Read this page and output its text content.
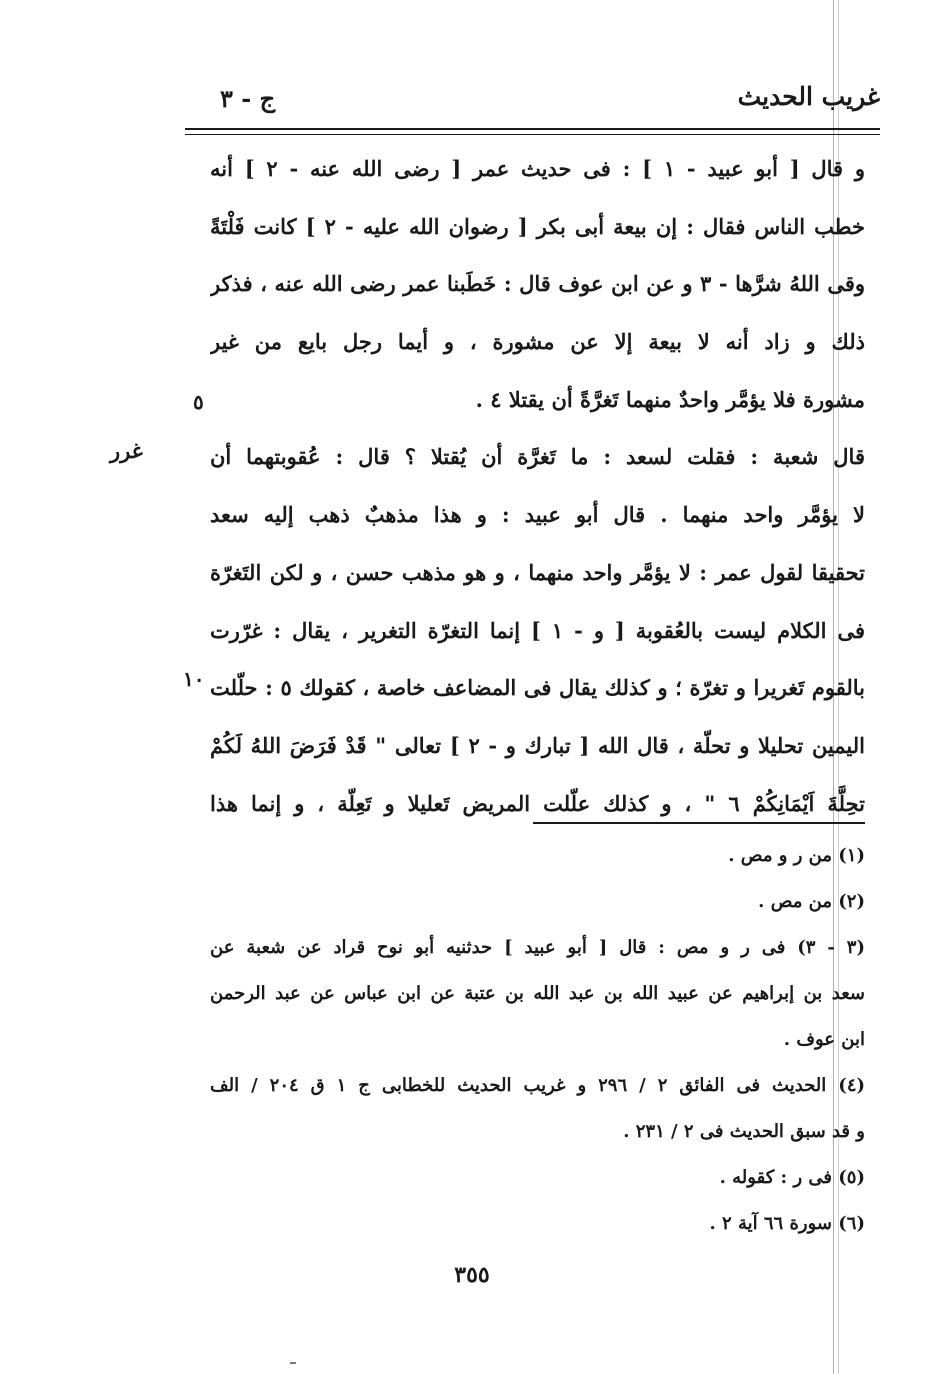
غريب الحديث
ج - ٣
و قال [ أبو عبيد - ١ ] : فى حديث عمر [ رضى الله عنه - ٢ ] أنه
خطب الناس فقال : إن بيعة أبى بكر [ رضوان الله عليه - ٢ ] كانت فَلْتَةً
وقى اللهُ شرَّها - ٣ و عن ابن عوف قال : خَطَبنا عمر رضى الله عنه ، فذكر
ذلك و زاد أنه لا بيعة إلا عن مشورة ، و أيما رجل بايع من غير
مشورة فلا يؤمَّر واحدٌ منهما تَغرَّةً أن يقتلا ٤ .
قال شعبة : فقلت لسعد : ما تَغرَّة أن يُقتلا ؟ قال : عُقوبتهما أن
لا يؤمَّر واحد منهما . قال أبو عبيد : و هذا مذهبٌ ذهب إليه سعد
تحقيقا لقول عمر : لا يؤمَّر واحد منهما ، و هو مذهب حسن ، و لكن التَغرّة
فى الكلام ليست بالعُقوبة [ و - ١ ] إنما التغرّة التغرير ، يقال : غرّرت
بالقوم تَغريرا و تغرّة ؛ و كذلك يقال فى المضاعف خاصة ، كقولك ٥ : حلّلت
اليمين تحليلا و تحلّة ، قال الله [ تبارك و - ٢ ] تعالى " قَدْ فَرَضَ اللهُ لَكُمْ
تحِلَّةَ اَيْمَانِكُمْ ٦ " ، و كذلك علّلت المريض تَعليلا و تَعِلّة ، و إنما هذا
٥
غرر
١٠
(١) من ر و مص .
(٢) من مص .
(٣ - ٣) فى ر و مص : قال [ أبو عبيد ] حدثنيه أبو نوح قراد عن شعبة عن
سعد بن إبراهيم عن عبيد الله بن عبد الله بن عتبة عن ابن عباس عن عبد الرحمن
ابن عوف .
(٤) الحديث فى الفائق ٢ / ٢٩٦ و غريب الحديث للخطابى ج ١ ق ٢٠٤ / الف
و قد سبق الحديث فى ٢ / ٢٣١ .
(٥) فى ر : كقوله .
(٦) سورة ٦٦ آية ٢ .
٣٥٥
